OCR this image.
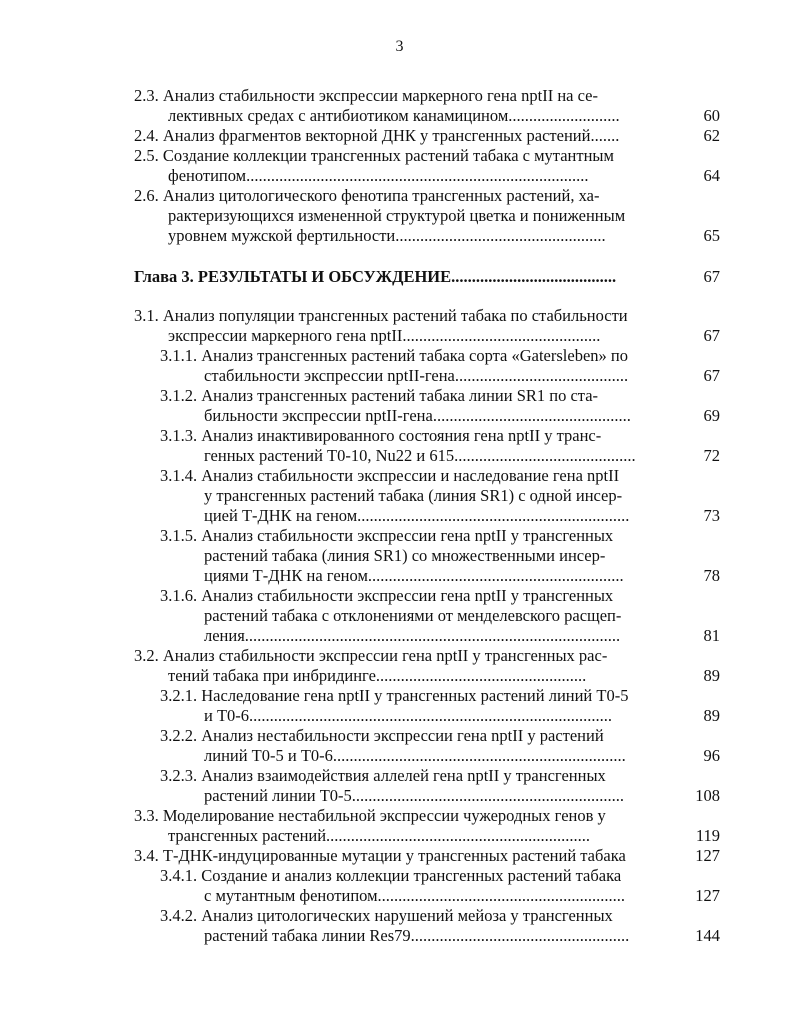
3
2.3. Анализ стабильности экспрессии маркерного гена nptII на се-
лективных средах с антибиотиком канамицином...........................	60
2.4. Анализ фрагментов векторной ДНК у трансгенных растений.......	62
2.5. Создание коллекции трансгенных растений табака с мутантным
фенотипом...................................................................................	64
2.6. Анализ цитологического фенотипа трансгенных растений, ха-
рактеризующихся измененной структурой цветка и пониженным
уровнем мужской фертильности...................................................	65
Глава 3. РЕЗУЛЬТАТЫ И ОБСУЖДЕНИЕ........................................	67
3.1. Анализ популяции трансгенных растений табака по стабильности
экспрессии маркерного гена nptII................................................	67
3.1.1. Анализ трансгенных растений табака сорта «Gatersleben» по
стабильности экспрессии nptII-гена..........................................	67
3.1.2. Анализ трансгенных растений табака линии SR1 по ста-
бильности экспрессии nptII-гена................................................	69
3.1.3. Анализ инактивированного состояния гена nptII у транс-
генных растений T0-10, Nu22 и 615............................................	72
3.1.4. Анализ стабильности экспрессии и наследование гена nptII
у трансгенных растений табака (линия SR1) с одной инсер-
цией Т-ДНК на геном..................................................................	73
3.1.5. Анализ стабильности экспрессии гена nptII у трансгенных
растений табака (линия SR1) со множественными инсер-
циями Т-ДНК на геном..............................................................	78
3.1.6. Анализ стабильности экспрессии гена nptII у трансгенных
растений табака с отклонениями от менделевского расщеп-
ления...........................................................................................	81
3.2. Анализ стабильности экспрессии гена nptII у трансгенных рас-
тений табака при инбридинге...................................................	89
3.2.1. Наследование гена nptII у трансгенных растений линий T0-5
и T0-6........................................................................................	89
3.2.2. Анализ нестабильности экспрессии гена nptII у растений
линий T0-5 и T0-6.......................................................................	96
3.2.3. Анализ взаимодействия аллелей гена nptII у трансгенных
растений линии T0-5..................................................................	108
3.3. Моделирование нестабильной экспрессии чужеродных генов у
трансгенных растений................................................................	119
3.4. Т-ДНК-индуцированные мутации у трансгенных растений табака	127
3.4.1. Создание и анализ коллекции трансгенных растений табака
с мутантным фенотипом............................................................	127
3.4.2. Анализ цитологических нарушений мейоза у трансгенных
растений табака линии Res79.....................................................	144
